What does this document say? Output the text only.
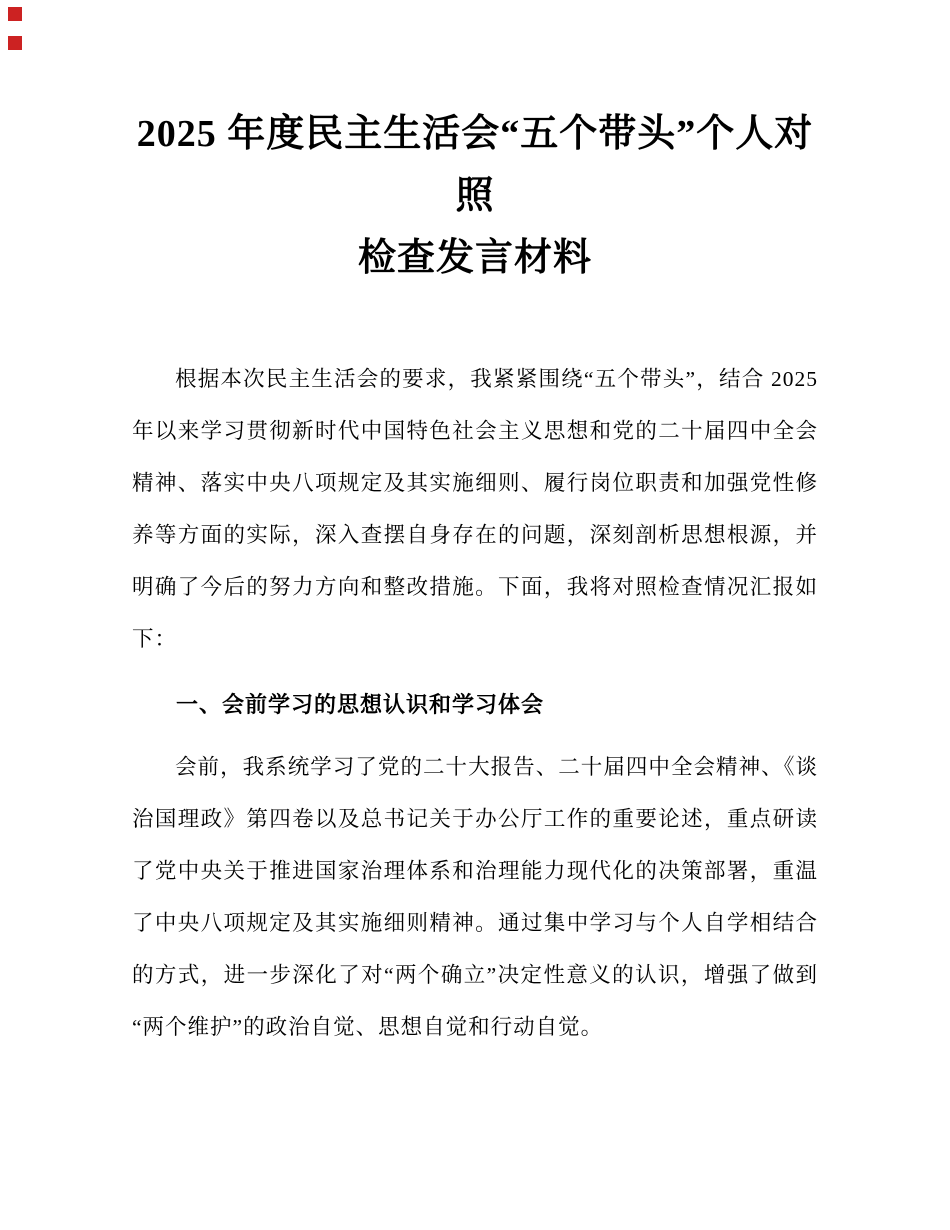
2025 年度民主生活会“五个带头”个人对照
检查发言材料

根据本次民主生活会的要求，我紧紧围绕“五个带头”，结合 2025 年以来学习贯彻新时代中国特色社会主义思想和党的二十届四中全会精神、落实中央八项规定及其实施细则、履行岗位职责和加强党性修养等方面的实际，深入查摆自身存在的问题，深刻剖析思想根源，并明确了今后的努力方向和整改措施。下面，我将对照检查情况汇报如下：

一、会前学习的思想认识和学习体会

会前，我系统学习了党的二十大报告、二十届四中全会精神、《谈治国理政》第四卷以及总书记关于办公厅工作的重要论述，重点研读了党中央关于推进国家治理体系和治理能力现代化的决策部署，重温了中央八项规定及其实施细则精神。通过集中学习与个人自学相结合的方式，进一步深化了对“两个确立”决定性意义的认识，增强了做到“两个维护”的政治自觉、思想自觉和行动自觉。
